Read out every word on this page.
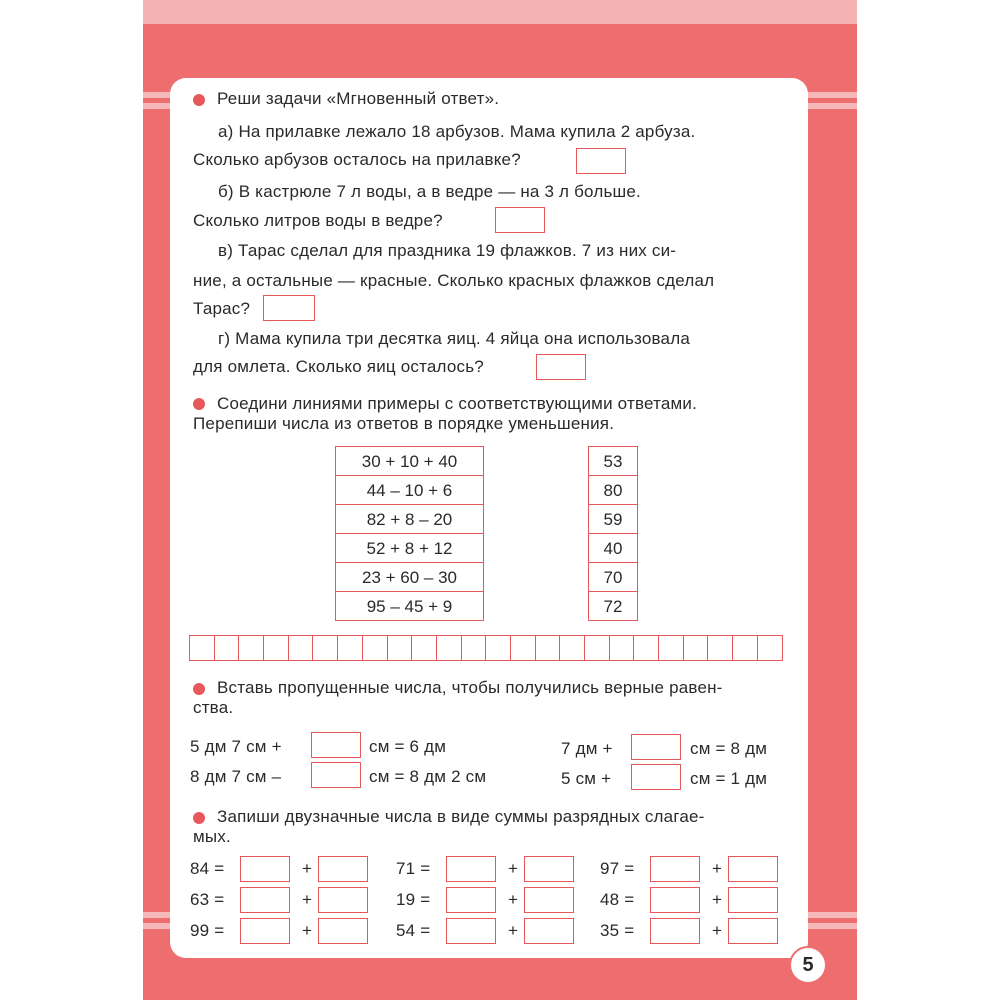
Реши задачи «Мгновенный ответ».
а) На прилавке лежало 18 арбузов. Мама купила 2 арбуза.
Сколько арбузов осталось на прилавке?
б) В кастрюле 7 л воды, а в ведре — на 3 л больше.
Сколько литров воды в ведре?
в) Тарас сделал для праздника 19 флажков. 7 из них си-
ние, а остальные — красные. Сколько красных флажков сделал
Тарас?
г) Мама купила три десятка яиц. 4 яйца она использовала
для омлета. Сколько яиц осталось?
Соедини линиями примеры с соответствующими ответами.
Перепиши числа из ответов в порядке уменьшения.
30 + 10 + 40
44 – 10 + 6
82 + 8 – 20
52 + 8 + 12
23 + 60 – 30
95 – 45 + 9
53
80
59
40
70
72
Вставь пропущенные числа, чтобы получились верные равен-
ства.
5 дм 7 см +	см = 6 дм
8 дм 7 см –	см = 8 дм 2 см
7 дм +	см = 8 дм
5 см +	см = 1 дм
Запиши двузначные числа в виде суммы разрядных слагае-
мых.
84 =	+	71 =	+	97 =	+
63 =	+	19 =	+	48 =	+
99 =	+	54 =	+	35 =	+
5
